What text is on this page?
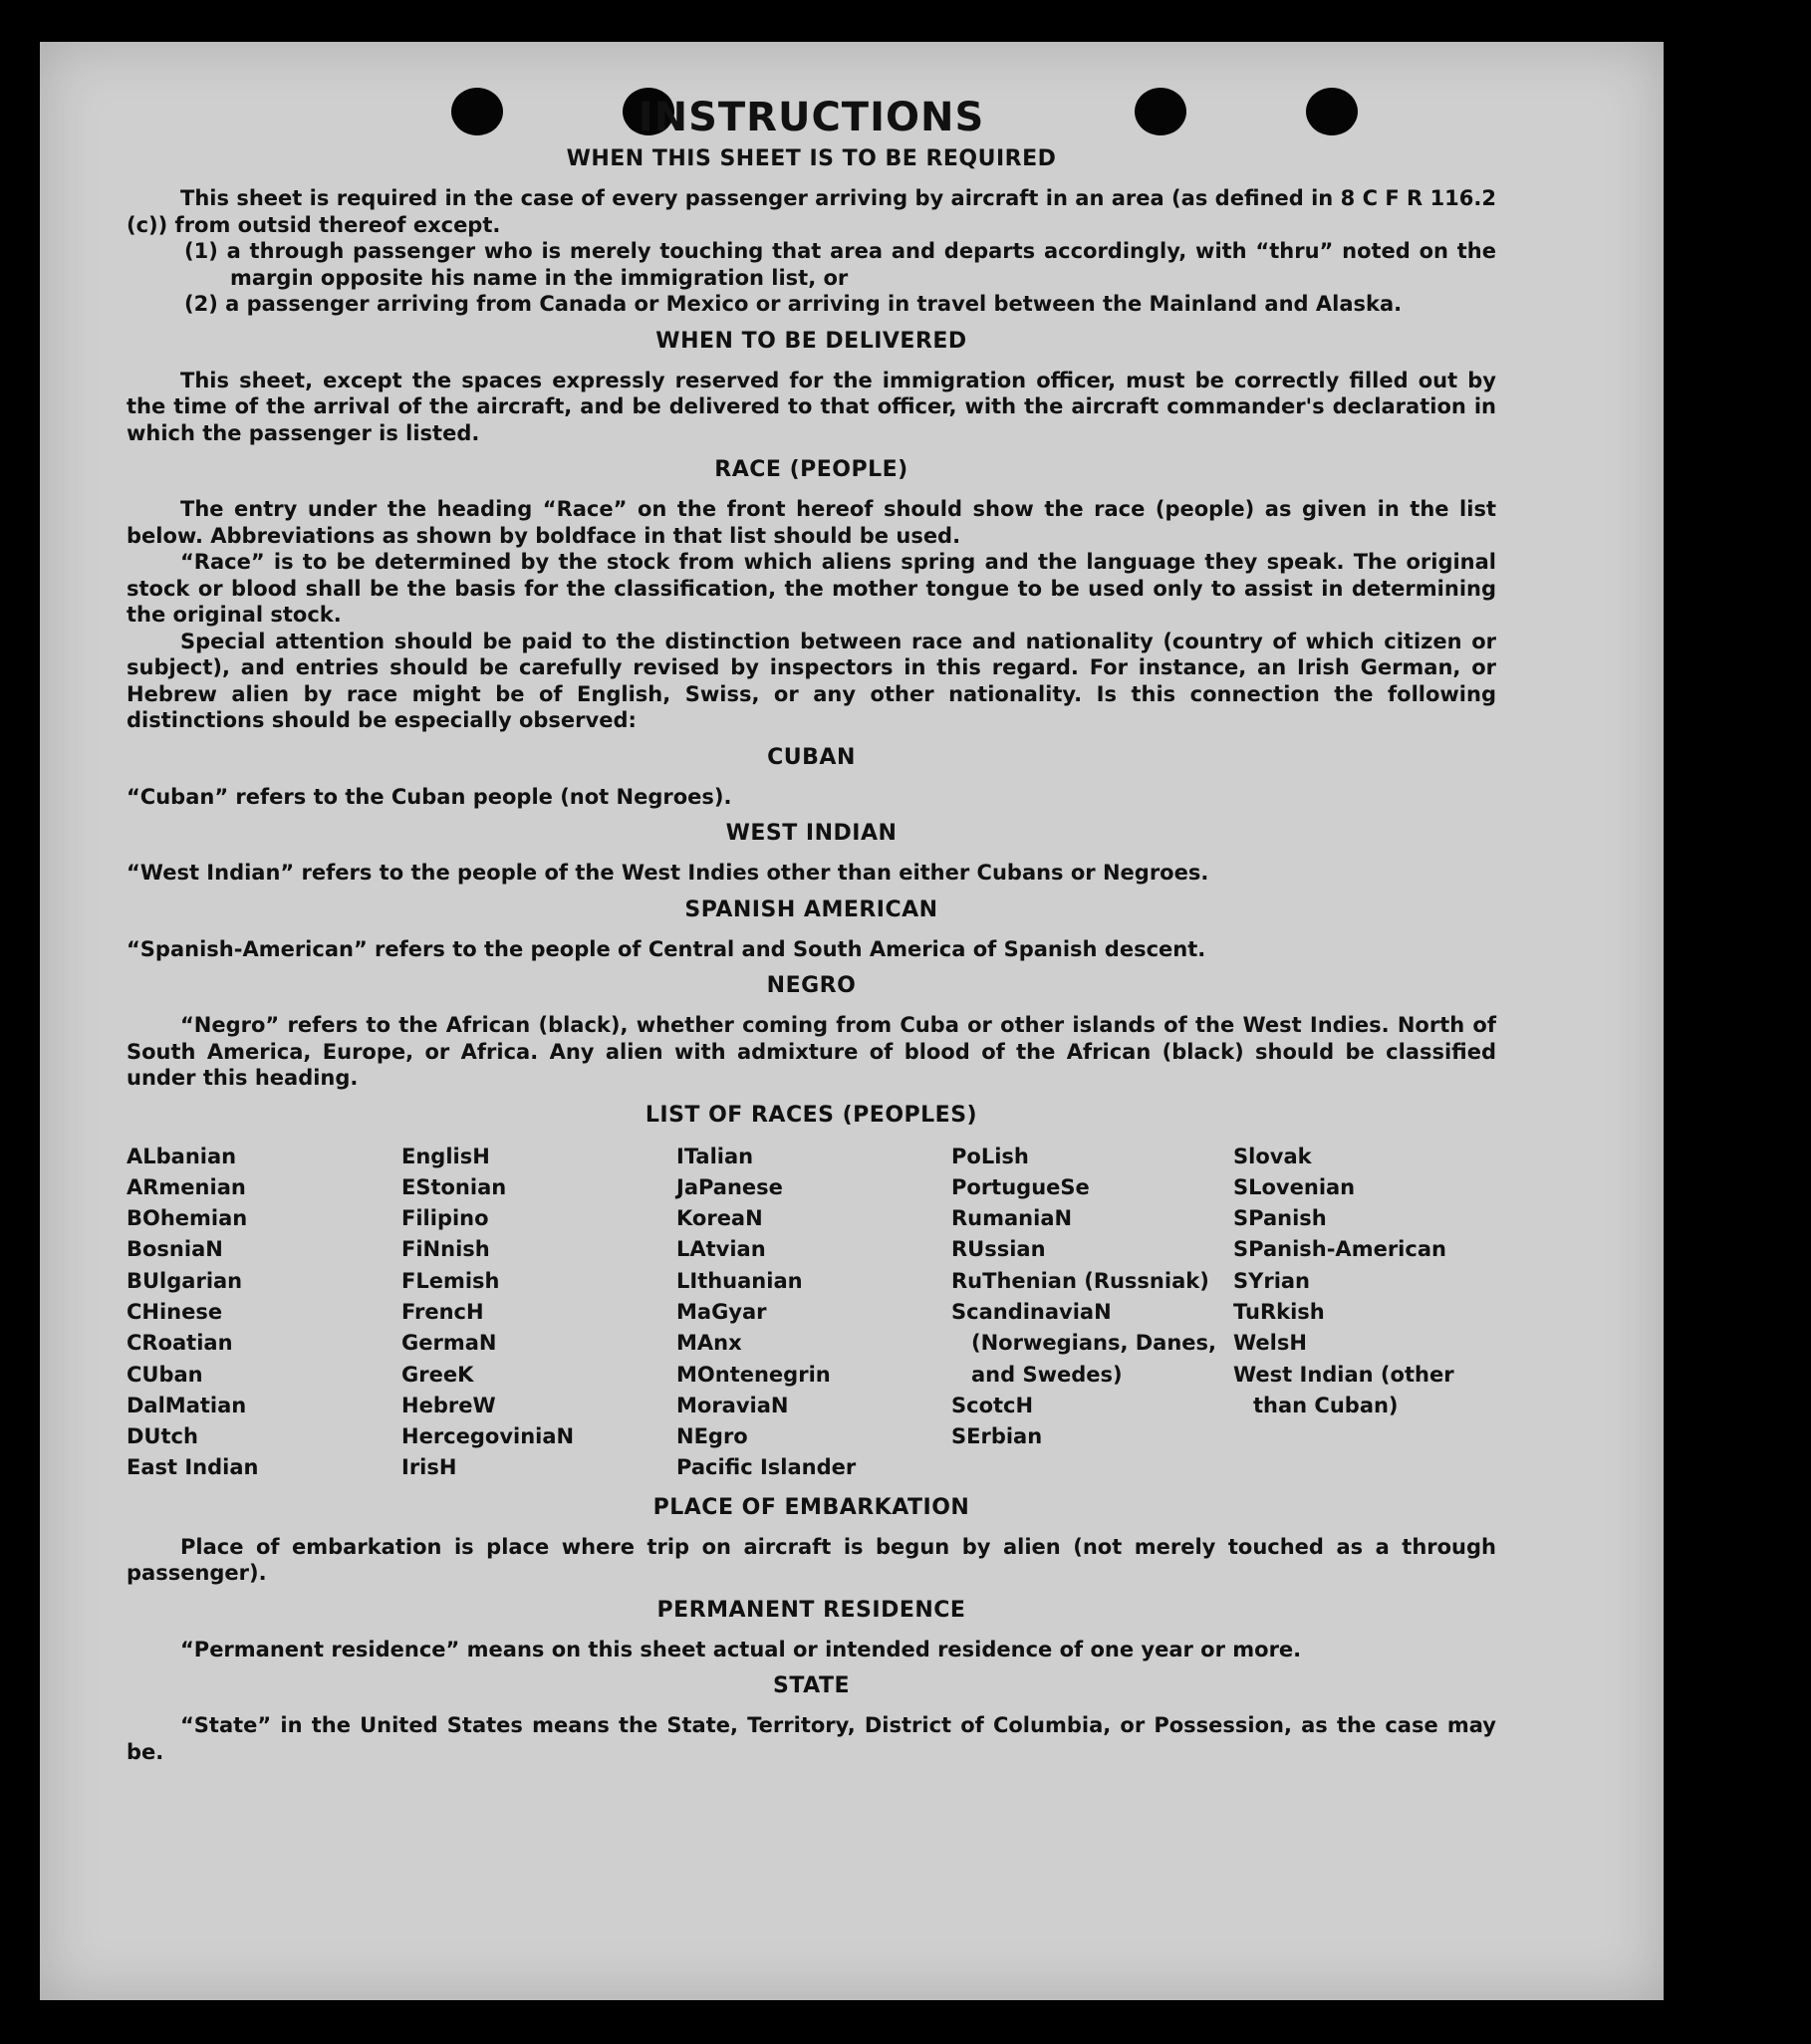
INSTRUCTIONS
WHEN THIS SHEET IS TO BE REQUIRED

This sheet is required in the case of every passenger arriving by aircraft in an area (as defined in 8 C F R 116.2 (c)) from outsid thereof except.

(1) a through passenger who is merely touching that area and departs accordingly, with “thru” noted on the margin opposite his name in the immigration list, or

(2) a passenger arriving from Canada or Mexico or arriving in travel between the Mainland and Alaska.

WHEN TO BE DELIVERED

This sheet, except the spaces expressly reserved for the immigration officer, must be correctly filled out by the time of the arrival of the aircraft, and be delivered to that officer, with the aircraft commander's declaration in which the passenger is listed.

RACE (PEOPLE)

The entry under the heading “Race” on the front hereof should show the race (people) as given in the list below. Abbreviations as shown by boldface in that list should be used.

“Race” is to be determined by the stock from which aliens spring and the language they speak. The original stock or blood shall be the basis for the classification, the mother tongue to be used only to assist in determining the original stock.

Special attention should be paid to the distinction between race and nationality (country of which citizen or subject), and entries should be carefully revised by inspectors in this regard. For instance, an Irish German, or Hebrew alien by race might be of English, Swiss, or any other nationality. Is this connection the following distinctions should be especially observed:

CUBAN

“Cuban” refers to the Cuban people (not Negroes).

WEST INDIAN

“West Indian” refers to the people of the West Indies other than either Cubans or Negroes.

SPANISH AMERICAN

“Spanish-American” refers to the people of Central and South America of Spanish descent.

NEGRO

“Negro” refers to the African (black), whether coming from Cuba or other islands of the West Indies. North of South America, Europe, or Africa. Any alien with admixture of blood of the African (black) should be classified under this heading.

LIST OF RACES (PEOPLES)
ALbanian
ARmenian
BOhemian
BosniaN
BUlgarian
CHinese
CRoatian
CUban
DalMatian
DUtch
East Indian
EnglisH
EStonian
Filipino
FiNnish
FLemish
FrencH
GermaN
GreeK
HebreW
HercegoviniaN
IrisH
ITalian
JaPanese
KoreaN
LAtvian
LIthuanian
MaGyar
MAnx
MOntenegrin
MoraviaN
NEgro
Pacific Islander
PoLish
PortugueSe
RumaniaN
RUssian
RuThenian (Russniak)
ScandinaviaN (Norwegians, Danes, and Swedes)
ScotcH
SErbian
Slovak
SLovenian
SPanish
SPanish-American
SYrian
TuRkish
WelsH
West Indian (other than Cuban)
PLACE OF EMBARKATION

Place of embarkation is place where trip on aircraft is begun by alien (not merely touched as a through passenger).

PERMANENT RESIDENCE

“Permanent residence” means on this sheet actual or intended residence of one year or more.

STATE

“State” in the United States means the State, Territory, District of Columbia, or Possession, as the case may be.
